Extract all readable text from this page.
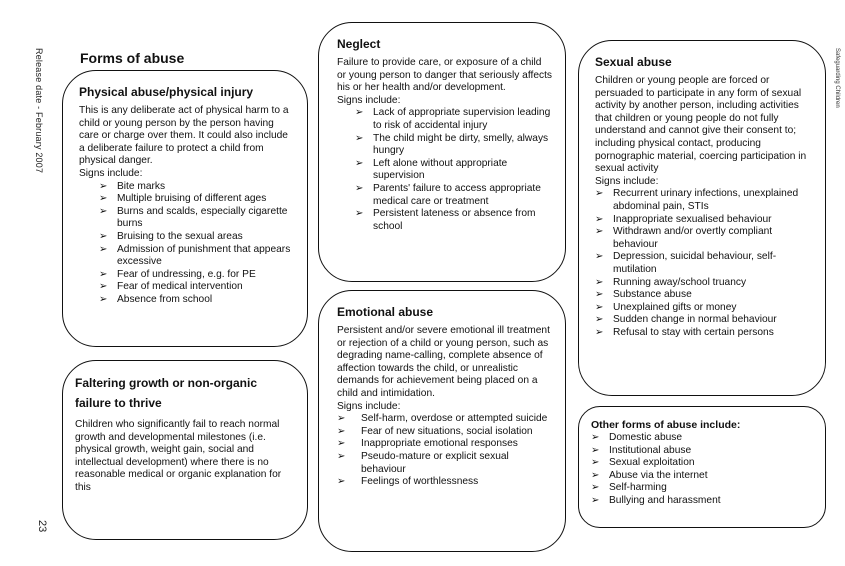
Release date - February 2007	Safeguarding Children
23
Forms of abuse
Physical abuse/physical injury

This is any deliberate act of physical harm to a child or young person by the person having care or charge over them. It could also include a deliberate failure to protect a child from physical danger.

Signs include:

➢ Bite marks
➢ Multiple bruising of different ages
➢ Burns and scalds, especially cigarette burns
➢ Bruising to the sexual areas
➢ Admission of punishment that appears excessive
➢ Fear of undressing, e.g. for PE
➢ Fear of medical intervention
➢ Absence from school
Faltering growth or non-organic failure to thrive

Children who significantly fail to reach normal growth and developmental milestones (i.e. physical growth, weight gain, social and intellectual development) where there is no reasonable medical or organic explanation for this

Neglect

Failure to provide care, or exposure of a child or young person to danger that seriously affects his or her health and/or development.

Signs include:

➢ Lack of appropriate supervision leading to risk of accidental injury
➢ The child might be dirty, smelly, always hungry
➢ Left alone without appropriate supervision
➢ Parents' failure to access appropriate medical care or treatment
➢ Persistent lateness or absence from school
Emotional abuse

Persistent and/or severe emotional ill treatment or rejection of a child or young person, such as degrading name-calling, complete absence of affection towards the child, or unrealistic demands for achievement being placed on a child and intimidation.

Signs include:

➢ Self-harm, overdose or attempted suicide
➢ Fear of new situations, social isolation
➢ Inappropriate emotional responses
➢ Pseudo-mature or explicit sexual behaviour
➢ Feelings of worthlessness
Sexual abuse

Children or young people are forced or persuaded to participate in any form of sexual activity by another person, including activities that children or young people do not fully understand and cannot give their consent to; including physical contact, producing pornographic material, coercing participation in sexual activity

Signs include:

➢ Recurrent urinary infections, unexplained abdominal pain, STIs
➢ Inappropriate sexualised behaviour
➢ Withdrawn and/or overtly compliant behaviour
➢ Depression, suicidal behaviour, self-mutilation
➢ Running away/school truancy
➢ Substance abuse
➢ Unexplained gifts or money
➢ Sudden change in normal behaviour
➢ Refusal to stay with certain persons
Other forms of abuse include:
➢ Domestic abuse
➢ Institutional abuse
➢ Sexual exploitation
➢ Abuse via the internet
➢ Self-harming
➢ Bullying and harassment
